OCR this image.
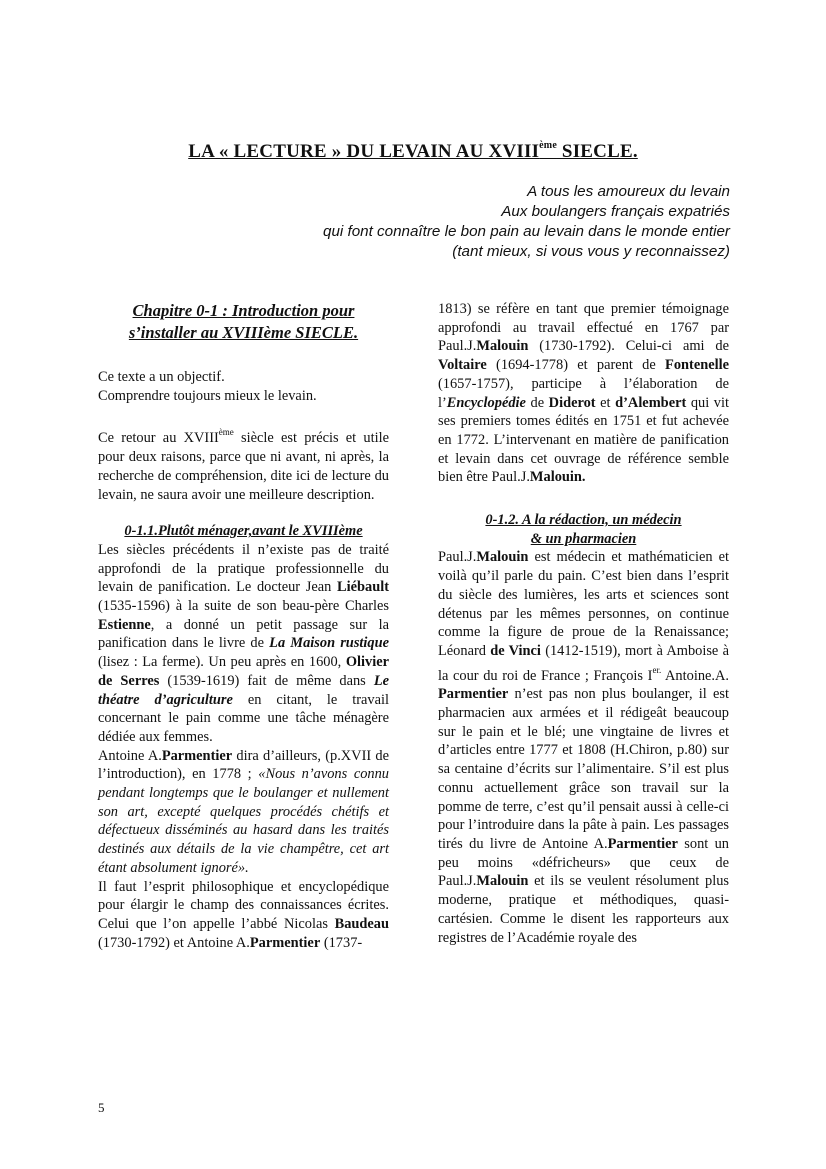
LA « LECTURE » DU LEVAIN AU XVIIIème SIECLE.
A tous les amoureux du levain
Aux boulangers français expatriés
qui font connaître le bon pain au levain dans le monde entier
(tant mieux, si vous vous y reconnaissez)
Chapitre 0-1 : Introduction pour
s’installer au XVIIIème SIECLE.

Ce texte a un objectif.

Comprendre toujours mieux le levain.

Ce retour au XVIIIème siècle est précis et utile pour deux raisons, parce que ni avant, ni après, la recherche de compréhension, dite ici de lecture du levain, ne saura avoir une meilleure description.

0-1.1.Plutôt ménager,avant le XVIIIème

Les siècles précédents il n’existe pas de traité approfondi de la pratique professionnelle du levain de panification. Le docteur Jean Liébault (1535-1596) à la suite de son beau-père Charles Estienne, a donné un petit passage sur la panification dans le livre de La Maison rustique (lisez : La ferme). Un peu après en 1600, Olivier de Serres (1539-1619) fait de même dans Le théatre d’agriculture en citant, le travail concernant le pain comme une tâche ménagère dédiée aux femmes.

Antoine A.Parmentier dira d’ailleurs, (p.XVII de l’introduction), en 1778 ; «Nous n’avons connu pendant longtemps que le boulanger et nullement son art, excepté quelques procédés chétifs et défectueux disséminés au hasard dans les traités destinés aux détails de la vie champêtre, cet art étant absolument ignoré».

Il faut l’esprit philosophique et encyclopédique pour élargir le champ des connaissances écrites. Celui que l’on appelle l’abbé Nicolas Baudeau (1730-1792) et Antoine A.Parmentier (1737-

1813) se réfère en tant que premier témoignage approfondi au travail effectué en 1767 par Paul.J.Malouin (1730-1792). Celui-ci ami de Voltaire (1694-1778) et parent de Fontenelle (1657-1757), participe à l’élaboration de l’Encyclopédie de Diderot et d’Alembert qui vit ses premiers tomes édités en 1751 et fut achevée en 1772. L’intervenant en matière de panification et levain dans cet ouvrage de référence semble bien être Paul.J.Malouin.

0-1.2. A la rédaction, un médecin
& un pharmacien

Paul.J.Malouin est médecin et mathématicien et voilà qu’il parle du pain. C’est bien dans l’esprit du siècle des lumières, les arts et sciences sont détenus par les mêmes personnes, on continue comme la figure de proue de la Renaissance; Léonard de Vinci (1412-1519), mort à Amboise à la cour du roi de France ; François $I^{er.}$ Antoine.A. Parmentier n’est pas non plus boulanger, il est pharmacien aux armées et il rédigeât beaucoup sur le pain et le blé; une vingtaine de livres et d’articles entre 1777 et 1808 (H.Chiron, p.80) sur sa centaine d’écrits sur l’alimentaire. S’il est plus connu actuellement grâce son travail sur la pomme de terre, c’est qu’il pensait aussi à celle-ci pour l’introduire dans la pâte à pain. Les passages tirés du livre de Antoine A.Parmentier sont un peu moins «défricheurs» que ceux de Paul.J.Malouin et ils se veulent résolument plus moderne, pratique et méthodiques, quasi-cartésien. Comme le disent les rapporteurs aux registres de l’Académie royale des

5
